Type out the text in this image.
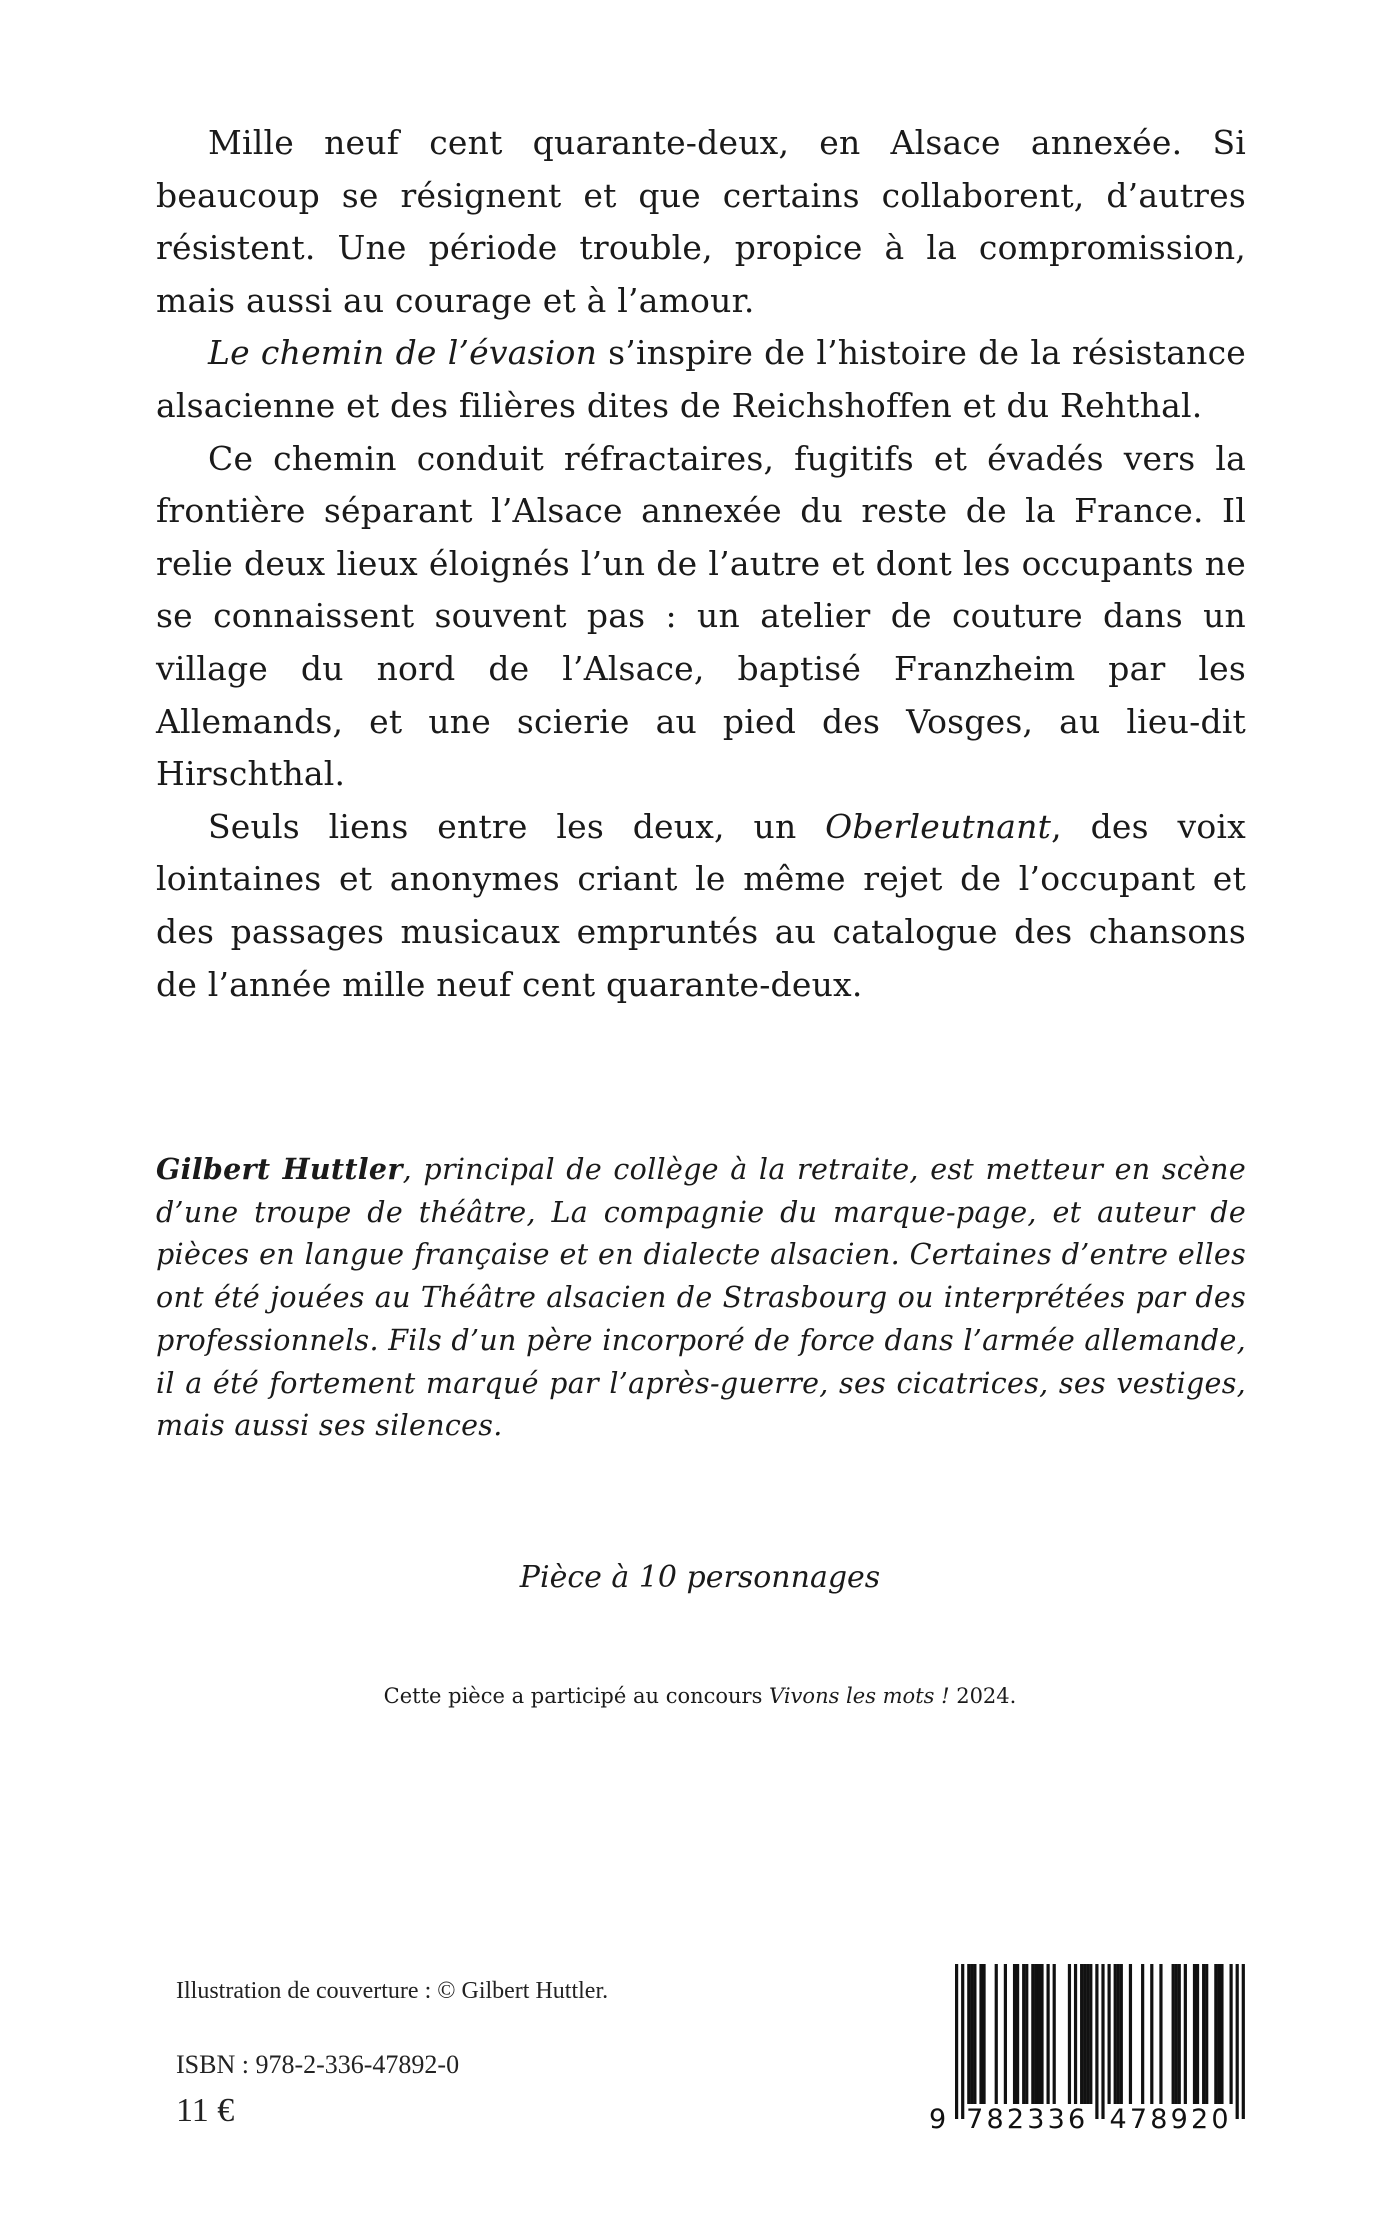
Mille neuf cent quarante-deux, en Alsace annexée. Si beaucoup se résignent et que certains collaborent, d’autres résistent. Une période trouble, propice à la compromission, mais aussi au courage et à l’amour.

Le chemin de l’évasion s’inspire de l’histoire de la résistance alsacienne et des filières dites de Reichshoffen et du Rehthal.

Ce chemin conduit réfractaires, fugitifs et évadés vers la frontière séparant l’Alsace annexée du reste de la France. Il relie deux lieux éloignés l’un de l’autre et dont les occupants ne se connaissent souvent pas : un atelier de couture dans un village du nord de l’Alsace, baptisé Franzheim par les Allemands, et une scierie au pied des Vosges, au lieu-dit Hirschthal.

Seuls liens entre les deux, un Oberleutnant, des voix lointaines et anonymes criant le même rejet de l’occupant et des passages musicaux empruntés au catalogue des chansons de l’année mille neuf cent quarante-deux.

Gilbert Huttler, principal de collège à la retraite, est metteur en scène d’une troupe de théâtre, La compagnie du marque-page, et auteur de pièces en langue française et en dialecte alsacien. Certaines d’entre elles ont été jouées au Théâtre alsacien de Strasbourg ou interprétées par des professionnels. Fils d’un père incorporé de force dans l’armée allemande, il a été fortement marqué par l’après-guerre, ses cicatrices, ses vestiges, mais aussi ses silences.

Pièce à 10 personnages

Cette pièce a participé au concours Vivons les mots ! 2024.

Illustration de couverture : © Gilbert Huttler.

ISBN : 978-2-336-47892-0

11 €	9 782336 478920
